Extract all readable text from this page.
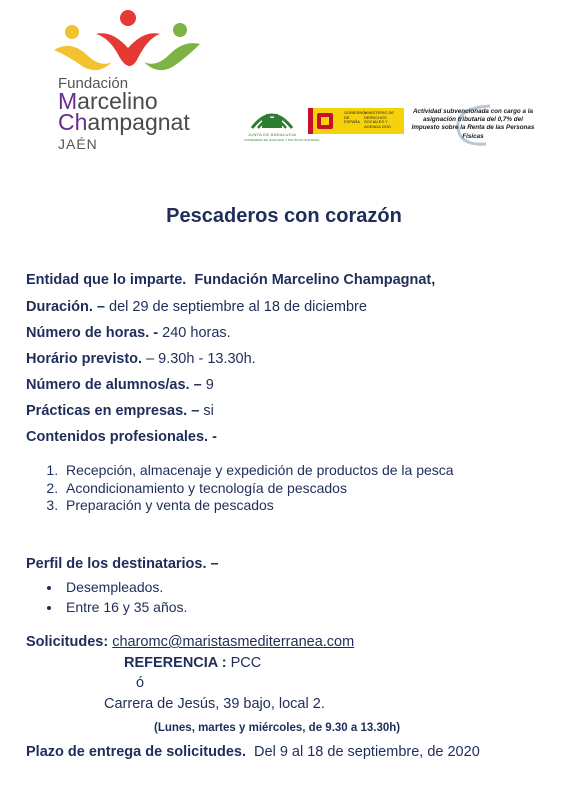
Fundación
Marcelino
Champagnat
JAÉN
JUNTA DE ANDALUCIA
CONSEJERÍA DE IGUALDAD Y POLÍTICAS SOCIALES
GOBIERNO DE ESPAÑA
MINISTERIO DE DERECHOS SOCIALES Y AGENDA 2030
Actividad subvencionada con cargo a la asignación tributaria del 0,7% del Impuesto sobre la Renta de las Personas Físicas
Pescaderos con corazón
Entidad que lo imparte. Fundación Marcelino Champagnat,
Duración. – del 29 de septiembre al 18 de diciembre
Número de horas. - 240 horas.
Horário previsto. – 9.30h - 13.30h.
Número de alumnos/as. – 9
Prácticas en empresas. – si
Contenidos profesionales. -
1. Recepción, almacenaje y expedición de productos de la pesca
2. Acondicionamiento y tecnología de pescados
3. Preparación y venta de pescados
Perfil de los destinatarios. –
• Desempleados.
• Entre 16 y 35 años.
Solicitudes: charomc@maristasmediterranea.com
REFERENCIA : PCC
ó
Carrera de Jesús, 39 bajo, local 2.
(Lunes, martes y miércoles, de 9.30 a 13.30h)
Plazo de entrega de solicitudes. Del 9 al 18 de septiembre, de 2020
